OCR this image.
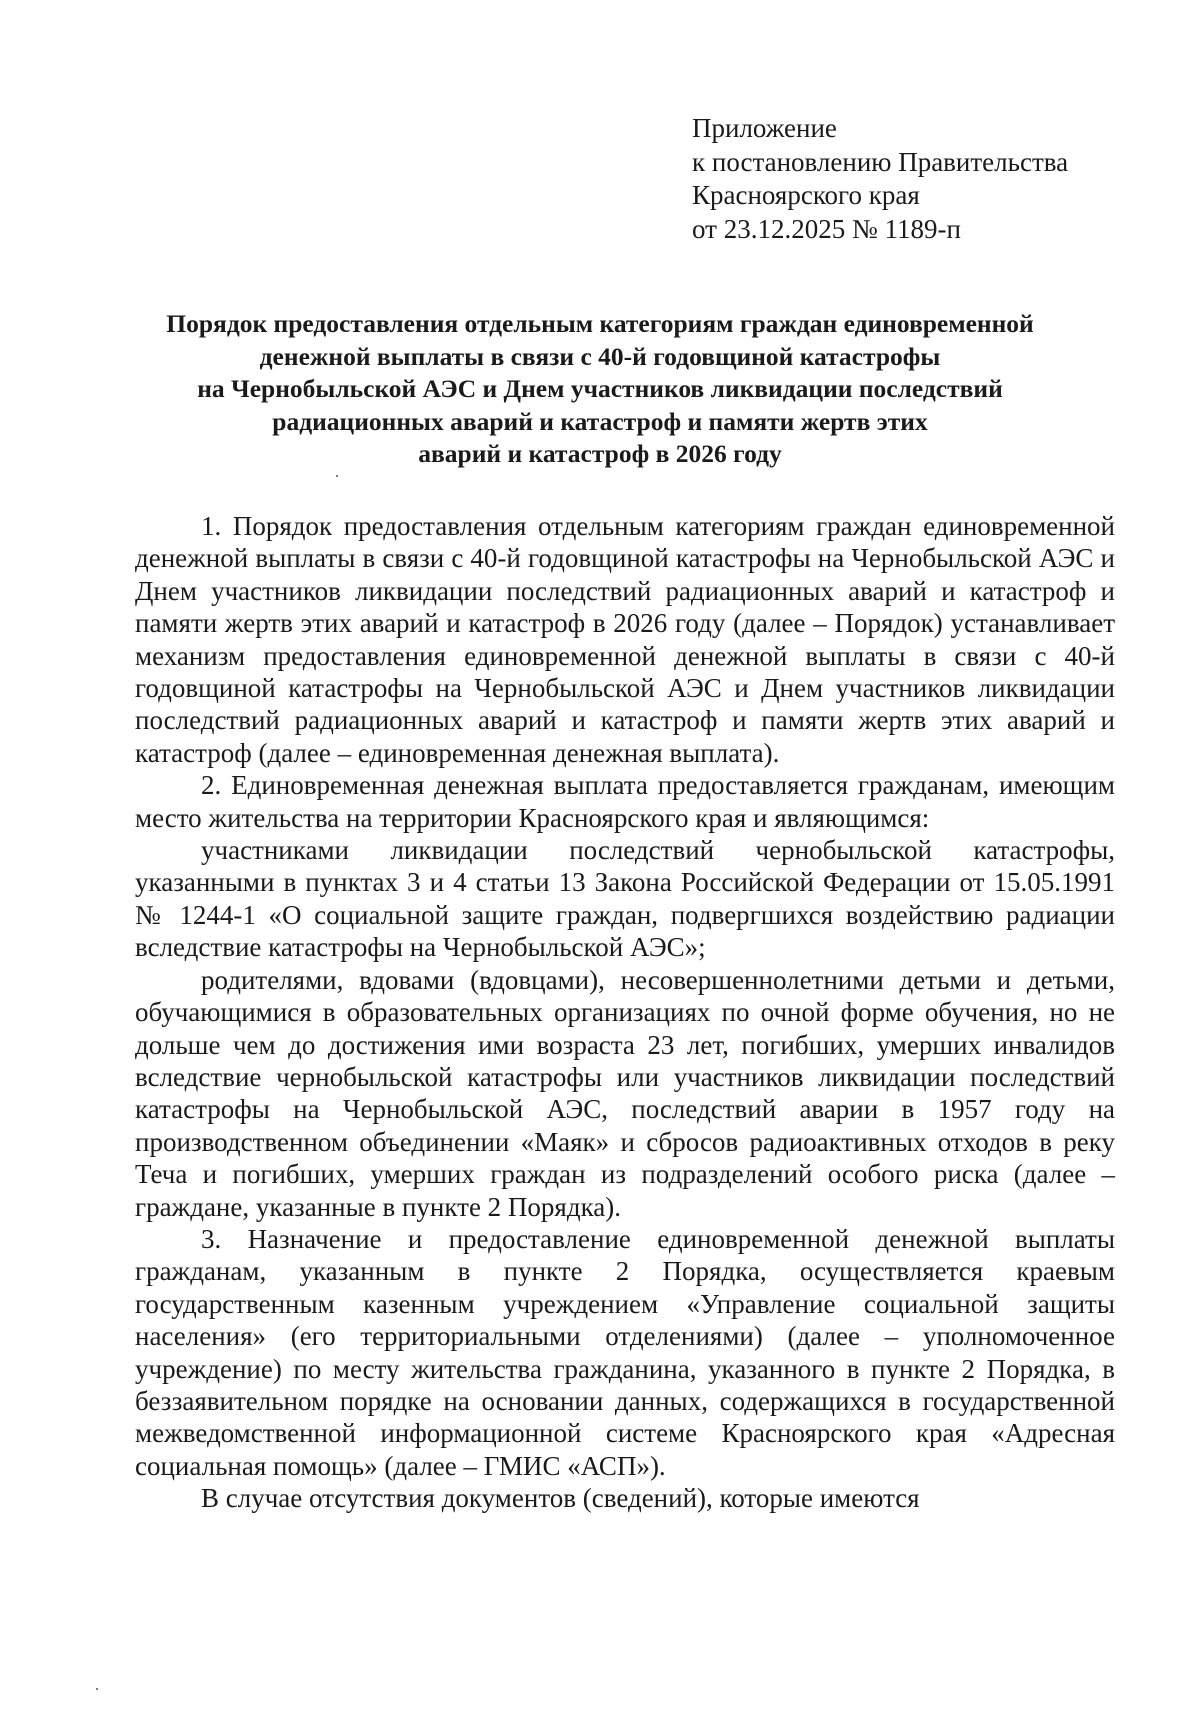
Приложение
к постановлению Правительства
Красноярского края
от 23.12.2025 № 1189-п
Порядок предоставления отдельным категориям граждан единовременной
денежной выплаты в связи с 40-й годовщиной катастрофы
на Чернобыльской АЭС и Днем участников ликвидации последствий
радиационных аварий и катастроф и памяти жертв этих
аварий и катастроф в 2026 году

1. Порядок предоставления отдельным категориям граждан единовременной денежной выплаты в связи с 40-й годовщиной катастрофы на Чернобыльской АЭС и Днем участников ликвидации последствий радиационных аварий и катастроф и памяти жертв этих аварий и катастроф в 2026 году (далее – Порядок) устанавливает механизм предоставления единовременной денежной выплаты в связи с 40-й годовщиной катастрофы на Чернобыльской АЭС и Днем участников ликвидации последствий радиационных аварий и катастроф и памяти жертв этих аварий и катастроф (далее – единовременная денежная выплата).

2. Единовременная денежная выплата предоставляется гражданам, имеющим место жительства на территории Красноярского края и являющимся:

участниками ликвидации последствий чернобыльской катастрофы, указанными в пунктах 3 и 4 статьи 13 Закона Российской Федерации от 15.05.1991 № 1244-1 «О социальной защите граждан, подвергшихся воздействию радиации вследствие катастрофы на Чернобыльской АЭС»;

родителями, вдовами (вдовцами), несовершеннолетними детьми и детьми, обучающимися в образовательных организациях по очной форме обучения, но не дольше чем до достижения ими возраста 23 лет, погибших, умерших инвалидов вследствие чернобыльской катастрофы или участников ликвидации последствий катастрофы на Чернобыльской АЭС, последствий аварии в 1957 году на производственном объединении «Маяк» и сбросов радиоактивных отходов в реку Теча и погибших, умерших граждан из подразделений особого риска (далее – граждане, указанные в пункте 2 Порядка).

3. Назначение и предоставление единовременной денежной выплаты гражданам, указанным в пункте 2 Порядка, осуществляется краевым государственным казенным учреждением «Управление социальной защиты населения» (его территориальными отделениями) (далее – уполномоченное учреждение) по месту жительства гражданина, указанного в пункте 2 Порядка, в беззаявительном порядке на основании данных, содержащихся в государственной межведомственной информационной системе Красноярского края «Адресная социальная помощь» (далее – ГМИС «АСП»).

В случае отсутствия документов (сведений), которые имеются
